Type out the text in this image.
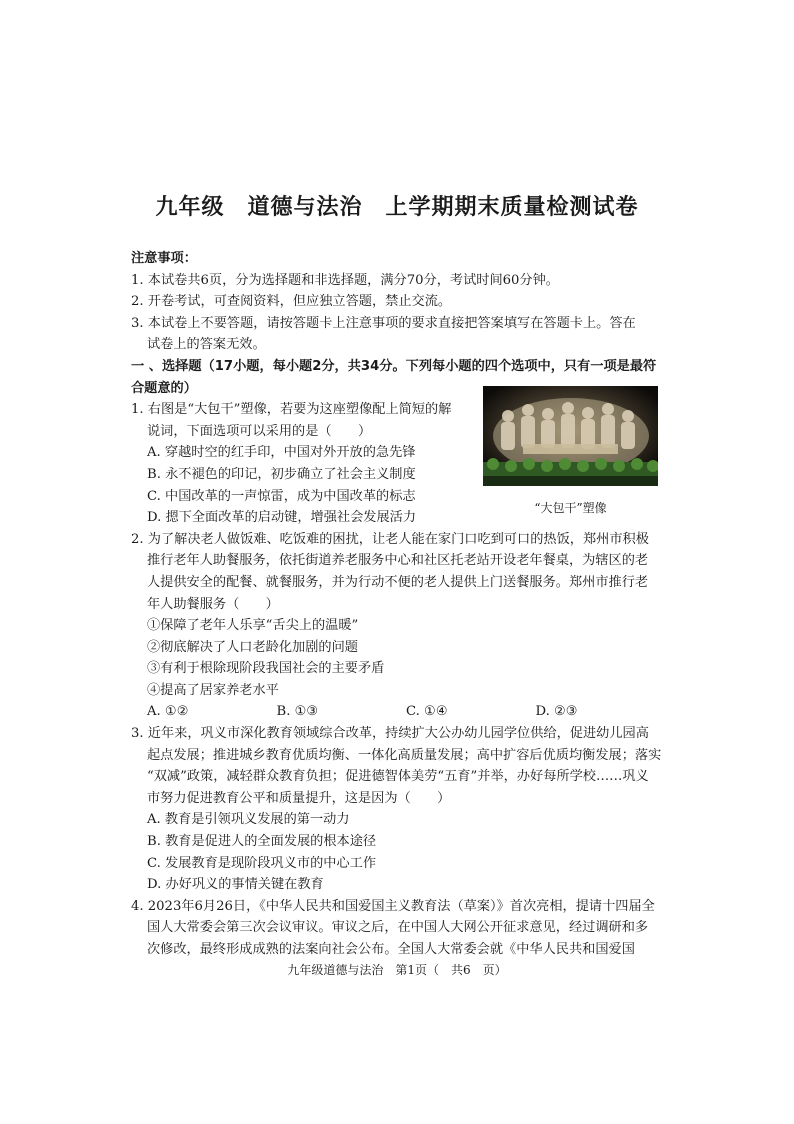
九年级　道德与法治　上学期期末质量检测试卷
注意事项：
1. 本试卷共6页，分为选择题和非选择题，满分70分，考试时间60分钟。
2. 开卷考试，可查阅资料，但应独立答题，禁止交流。
3. 本试卷上不要答题，请按答题卡上注意事项的要求直接把答案填写在答题卡上。答在
试卷上的答案无效。
一 、选择题（17小题，每小题2分，共34分。下列每小题的四个选项中，只有一项是最符
合题意的）
1. 右图是“大包干”塑像，若要为这座塑像配上简短的解
说词，下面选项可以采用的是（　　）
A. 穿越时空的红手印，中国对外开放的急先锋
B. 永不褪色的印记，初步确立了社会主义制度
C. 中国改革的一声惊雷，成为中国改革的标志
D. 摁下全面改革的启动键，增强社会发展活力
2. 为了解决老人做饭难、吃饭难的困扰，让老人能在家门口吃到可口的热饭，郑州市积极
推行老年人助餐服务，依托街道养老服务中心和社区托老站开设老年餐桌，为辖区的老
人提供安全的配餐、就餐服务，并为行动不便的老人提供上门送餐服务。郑州市推行老
年人助餐服务（　　）
①保障了老年人乐享“舌尖上的温暖”
②彻底解决了人口老龄化加剧的问题
③有利于根除现阶段我国社会的主要矛盾
④提高了居家养老水平
A. ①②	B. ①③	C. ①④	D. ②③
3. 近年来，巩义市深化教育领域综合改革，持续扩大公办幼儿园学位供给，促进幼儿园高
起点发展；推进城乡教育优质均衡、一体化高质量发展；高中扩容后优质均衡发展；落实
“双减”政策，减轻群众教育负担；促进德智体美劳“五育”并举，办好每所学校……巩义
市努力促进教育公平和质量提升，这是因为（　　）
A. 教育是引领巩义发展的第一动力
B. 教育是促进人的全面发展的根本途径
C. 发展教育是现阶段巩义市的中心工作
D. 办好巩义的事情关键在教育
4. 2023年6月26日，《中华人民共和国爱国主义教育法（草案）》首次亮相，提请十四届全
国人大常委会第三次会议审议。审议之后，在中国人大网公开征求意见，经过调研和多
次修改，最终形成成熟的法案向社会公布。全国人大常委会就《中华人民共和国爱国
“大包干”塑像
九年级道德与法治　第1页（　共6　页）
